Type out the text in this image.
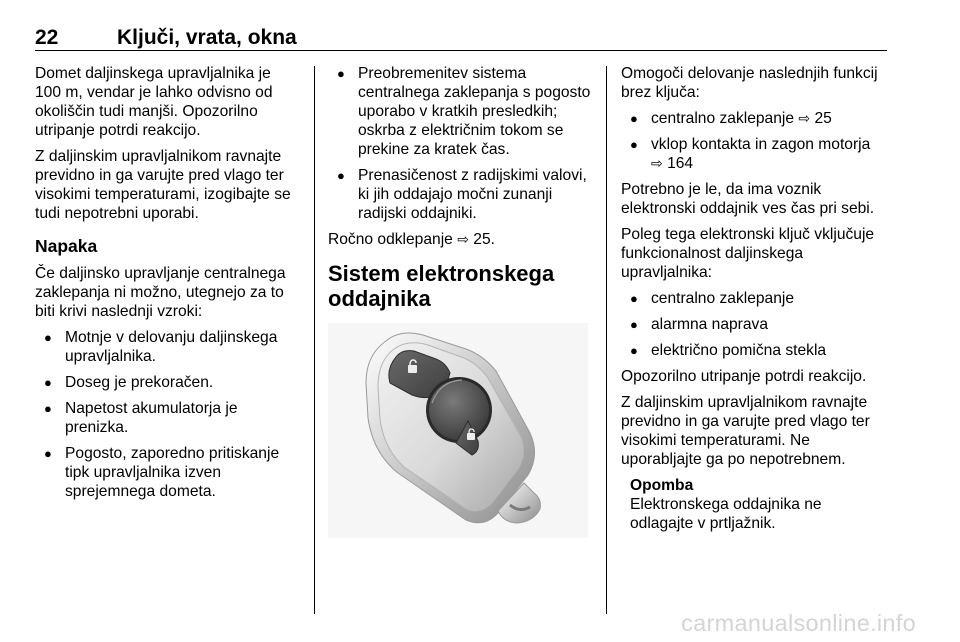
22	Ključi, vrata, okna

Domet daljinskega upravljalnika je 100 m, vendar je lahko odvisno od okoliščin tudi manjši. Opozorilno utripanje potrdi reakcijo.

Z daljinskim upravljalnikom ravnajte previdno in ga varujte pred vlago ter visokimi temperaturami, izogibajte se tudi nepotrebni uporabi.

Napaka

Če daljinsko upravljanje centralnega zaklepanja ni možno, utegnejo za to biti krivi naslednji vzroki:

● Motnje v delovanju daljinskega upravljalnika.
● Doseg je prekoračen.
● Napetost akumulatorja je prenizka.
● Pogosto, zaporedno pritiskanje tipk upravljalnika izven sprejemnega dometa.
● Preobremenitev sistema centralnega zaklepanja s pogosto uporabo v kratkih presledkih; oskrba z električnim tokom se prekine za kratek čas.
● Prenasičenost z radijskimi valovi, ki jih oddajajo močni zunanji radijski oddajniki.

Ročno odklepanje ⇨ 25.

Sistem elektronskega oddajnika

Omogoči delovanje naslednjih funkcij brez ključa:

● centralno zaklepanje ⇨ 25
● vklop kontakta in zagon motorja
⇨ 164

Potrebno je le, da ima voznik elektronski oddajnik ves čas pri sebi.

Poleg tega elektronski ključ vključuje funkcionalnost daljinskega upravljalnika:

● centralno zaklepanje
● alarmna naprava
● električno pomična stekla

Opozorilno utripanje potrdi reakcijo.

Z daljinskim upravljalnikom ravnajte previdno in ga varujte pred vlago ter visokimi temperaturami. Ne uporabljajte ga po nepotrebnem.

Opomba
Elektronskega oddajnika ne odlagajte v prtljažnik.
carmanualsonline.info
